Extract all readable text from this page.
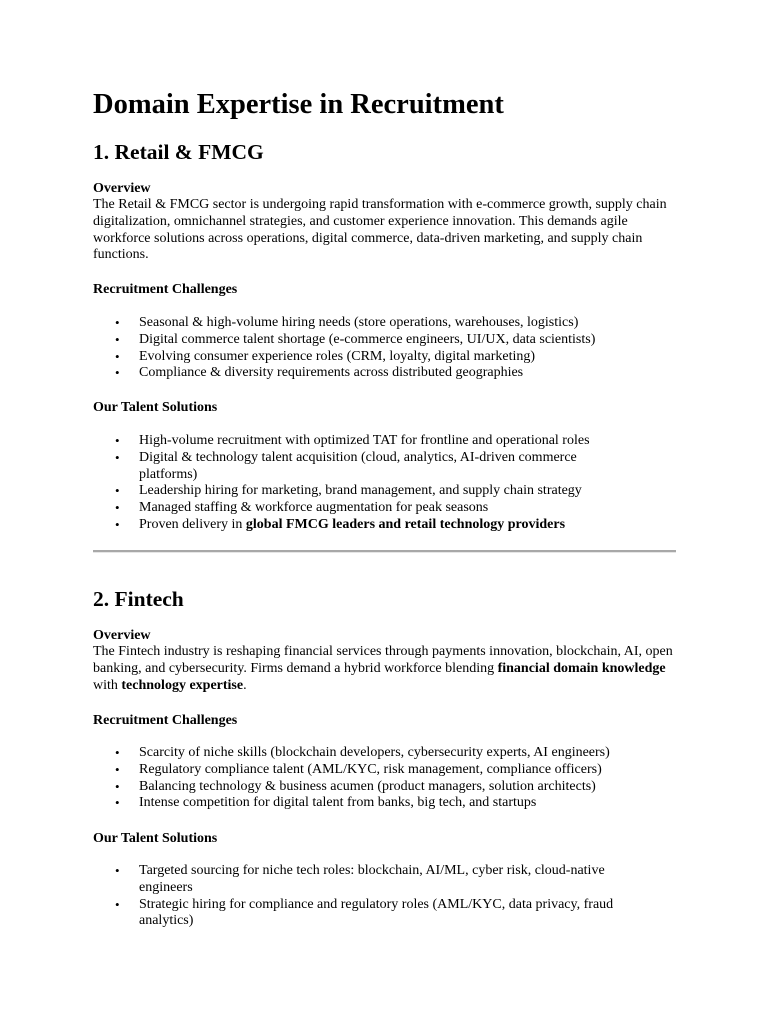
Domain Expertise in Recruitment
1. Retail & FMCG
Overview
The Retail & FMCG sector is undergoing rapid transformation with e-commerce growth, supply chain digitalization, omnichannel strategies, and customer experience innovation. This demands agile workforce solutions across operations, digital commerce, data-driven marketing, and supply chain functions.
Recruitment Challenges
• Seasonal & high-volume hiring needs (store operations, warehouses, logistics)
• Digital commerce talent shortage (e-commerce engineers, UI/UX, data scientists)
• Evolving consumer experience roles (CRM, loyalty, digital marketing)
• Compliance & diversity requirements across distributed geographies
Our Talent Solutions
• High-volume recruitment with optimized TAT for frontline and operational roles
• Digital & technology talent acquisition (cloud, analytics, AI-driven commerce platforms)
• Leadership hiring for marketing, brand management, and supply chain strategy
• Managed staffing & workforce augmentation for peak seasons
• Proven delivery in global FMCG leaders and retail technology providers
2. Fintech
Overview
The Fintech industry is reshaping financial services through payments innovation, blockchain, AI, open banking, and cybersecurity. Firms demand a hybrid workforce blending financial domain knowledge with technology expertise.
Recruitment Challenges
• Scarcity of niche skills (blockchain developers, cybersecurity experts, AI engineers)
• Regulatory compliance talent (AML/KYC, risk management, compliance officers)
• Balancing technology & business acumen (product managers, solution architects)
• Intense competition for digital talent from banks, big tech, and startups
Our Talent Solutions
• Targeted sourcing for niche tech roles: blockchain, AI/ML, cyber risk, cloud-native engineers
• Strategic hiring for compliance and regulatory roles (AML/KYC, data privacy, fraud analytics)
